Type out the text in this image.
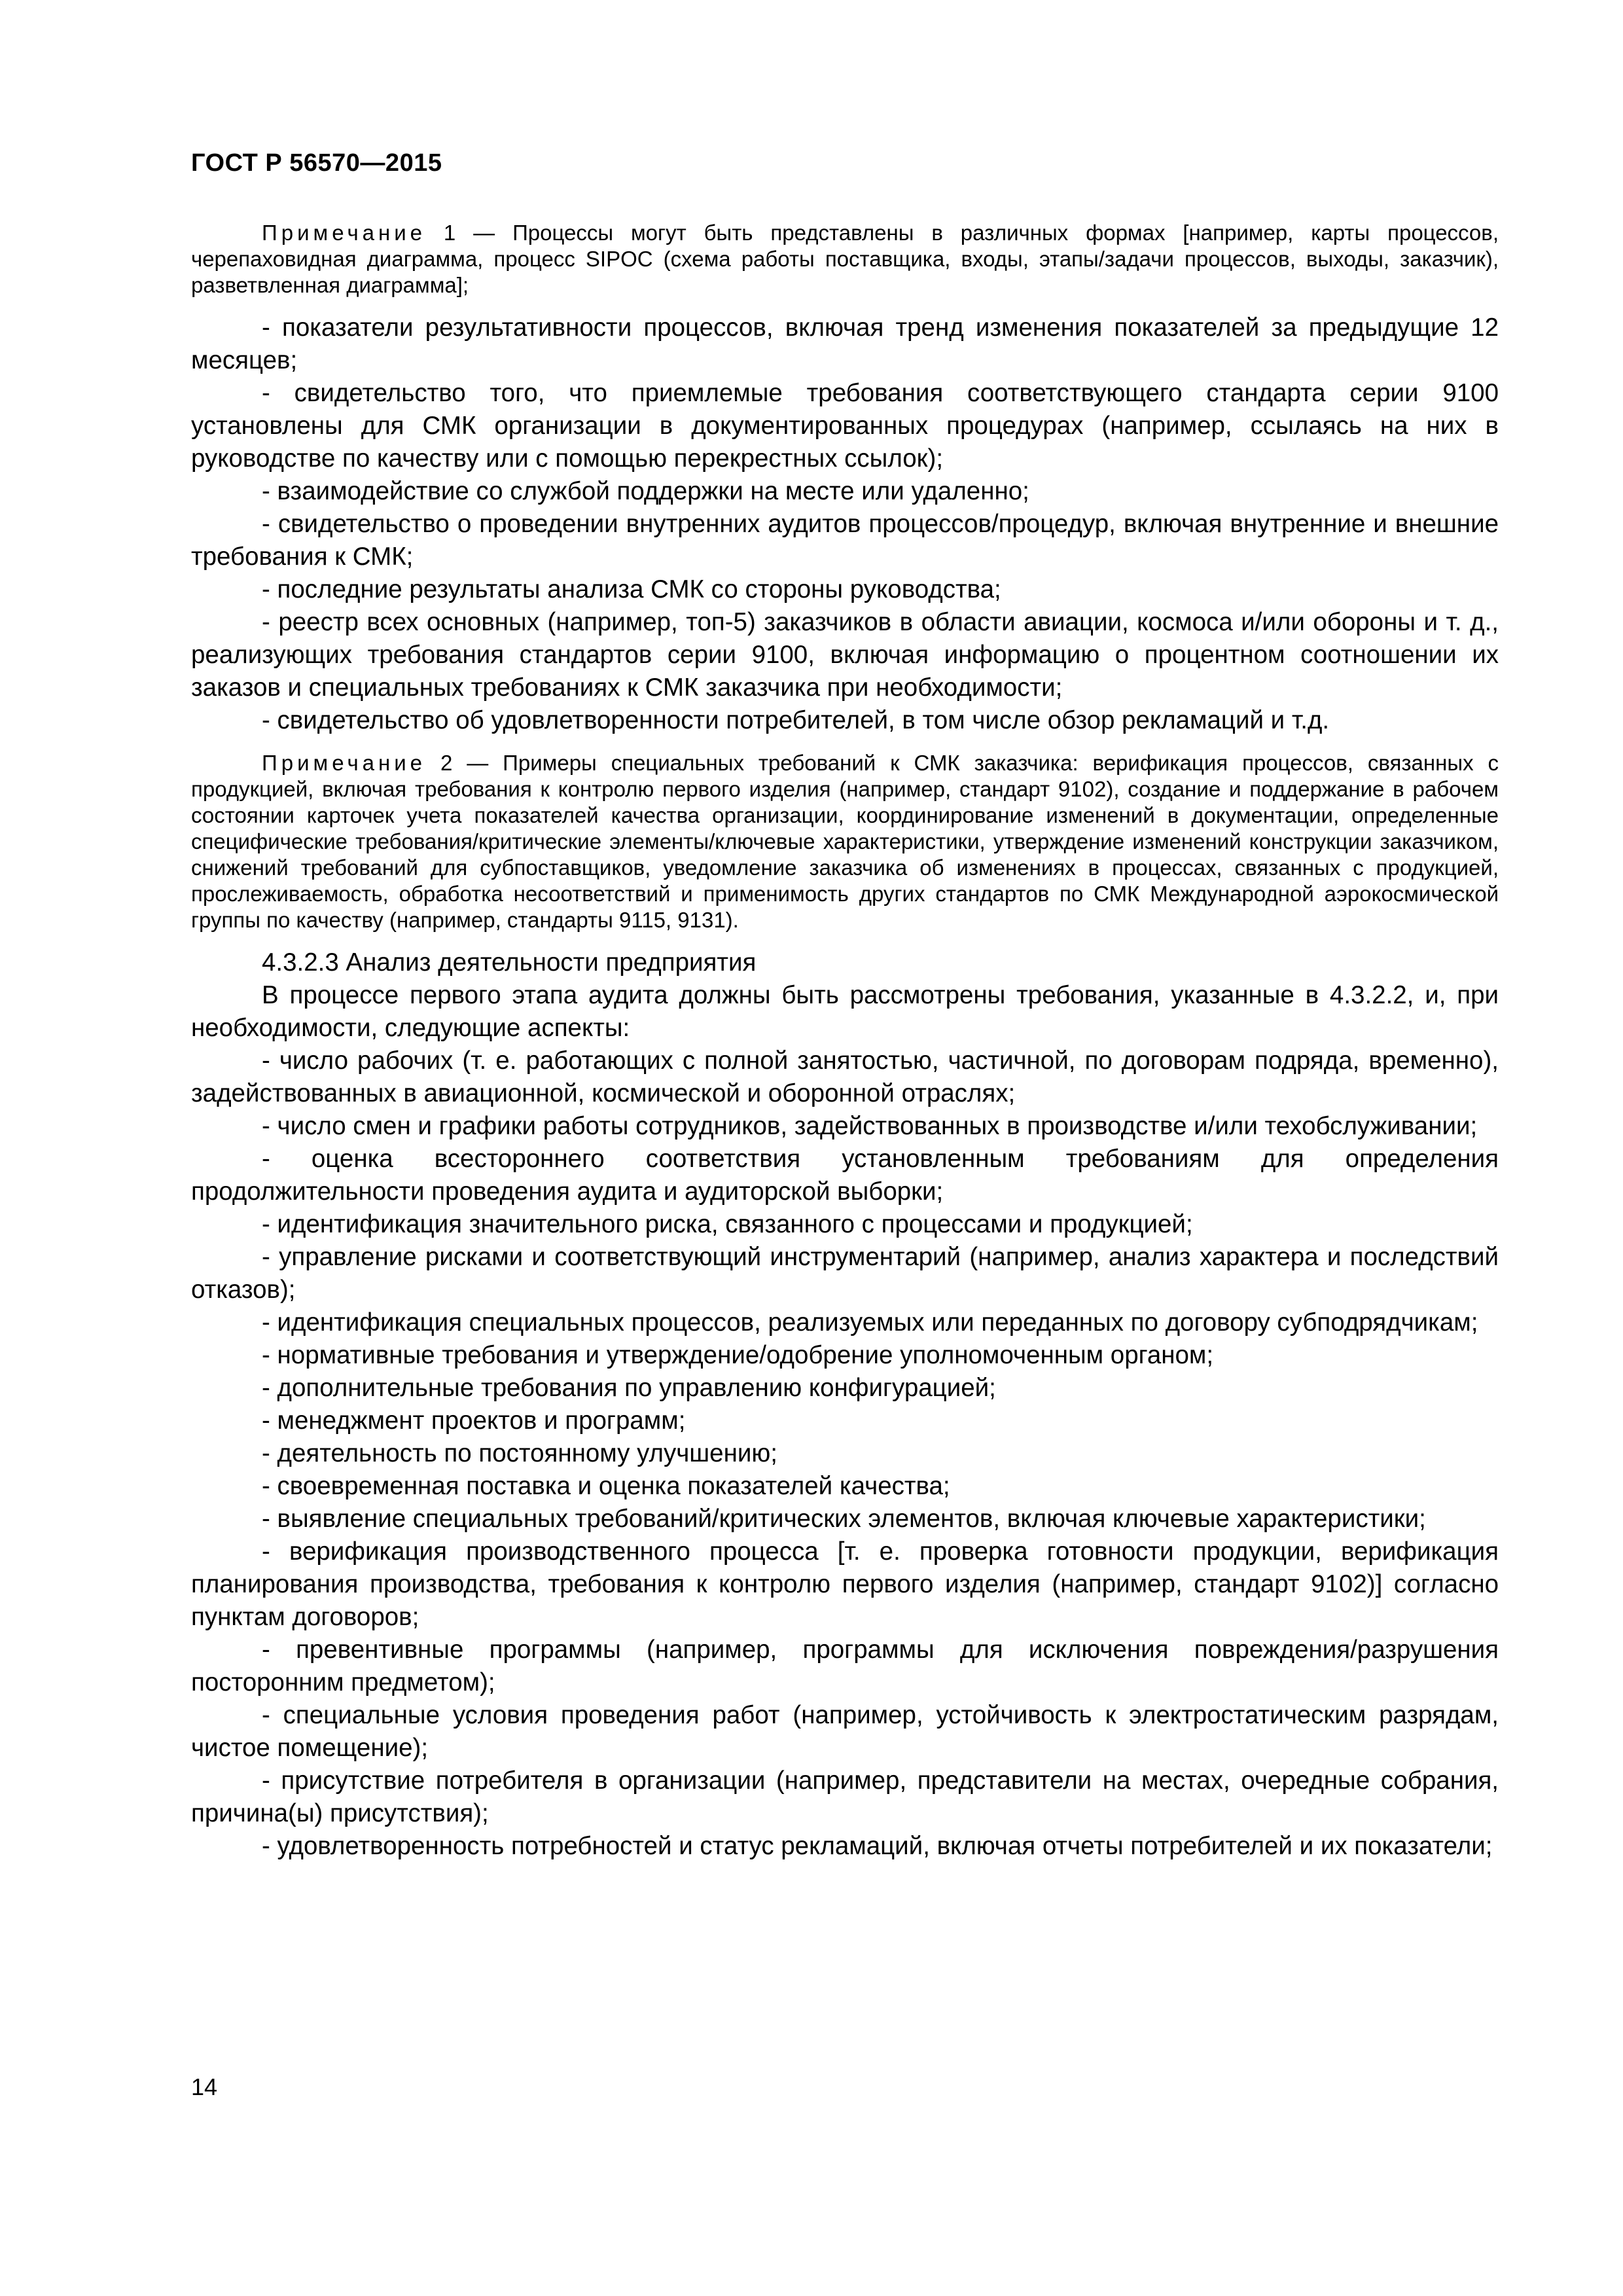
ГОСТ Р 56570—2015

Примечание 1 — Процессы могут быть представлены в различных формах [например, карты процессов, черепаховидная диаграмма, процесс SIPOC (схема работы поставщика, входы, этапы/задачи процессов, выходы, заказчик), разветвленная диаграмма];

- показатели результативности процессов, включая тренд изменения показателей за предыдущие 12 месяцев;

- свидетельство того, что приемлемые требования соответствующего стандарта серии 9100 установлены для СМК организации в документированных процедурах (например, ссылаясь на них в руководстве по качеству или с помощью перекрестных ссылок);

- взаимодействие со службой поддержки на месте или удаленно;

- свидетельство о проведении внутренних аудитов процессов/процедур, включая внутренние и внешние требования к СМК;

- последние результаты анализа СМК со стороны руководства;

- реестр всех основных (например, топ-5) заказчиков в области авиации, космоса и/или обороны и т. д., реализующих требования стандартов серии 9100, включая информацию о процентном соотношении их заказов и специальных требованиях к СМК заказчика при необходимости;

- свидетельство об удовлетворенности потребителей, в том числе обзор рекламаций и т.д.

Примечание 2 — Примеры специальных требований к СМК заказчика: верификация процессов, связанных с продукцией, включая требования к контролю первого изделия (например, стандарт 9102), создание и поддержание в рабочем состоянии карточек учета показателей качества организации, координирование изменений в документации, определенные специфические требования/критические элементы/ключевые характеристики, утверждение изменений конструкции заказчиком, снижений требований для субпоставщиков, уведомление заказчика об изменениях в процессах, связанных с продукцией, прослеживаемость, обработка несоответствий и применимость других стандартов по СМК Международной аэрокосмической группы по качеству (например, стандарты 9115, 9131).

4.3.2.3 Анализ деятельности предприятия

В процессе первого этапа аудита должны быть рассмотрены требования, указанные в 4.3.2.2, и, при необходимости, следующие аспекты:

- число рабочих (т. е. работающих с полной занятостью, частичной, по договорам подряда, временно), задействованных в авиационной, космической и оборонной отраслях;

- число смен и графики работы сотрудников, задействованных в производстве и/или техобслуживании;

- оценка всестороннего соответствия установленным требованиям для определения продолжительности проведения аудита и аудиторской выборки;

- идентификация значительного риска, связанного с процессами и продукцией;

- управление рисками и соответствующий инструментарий (например, анализ характера и последствий отказов);

- идентификация специальных процессов, реализуемых или переданных по договору субподрядчикам;

- нормативные требования и утверждение/одобрение уполномоченным органом;

- дополнительные требования по управлению конфигурацией;

- менеджмент проектов и программ;

- деятельность по постоянному улучшению;

- своевременная поставка и оценка показателей качества;

- выявление специальных требований/критических элементов, включая ключевые характеристики;

- верификация производственного процесса [т. е. проверка готовности продукции, верификация планирования производства, требования к контролю первого изделия (например, стандарт 9102)] согласно пунктам договоров;

- превентивные программы (например, программы для исключения повреждения/разрушения посторонним предметом);

- специальные условия проведения работ (например, устойчивость к электростатическим разрядам, чистое помещение);

- присутствие потребителя в организации (например, представители на местах, очередные собрания, причина(ы) присутствия);

- удовлетворенность потребностей и статус рекламаций, включая отчеты потребителей и их показатели;

14
